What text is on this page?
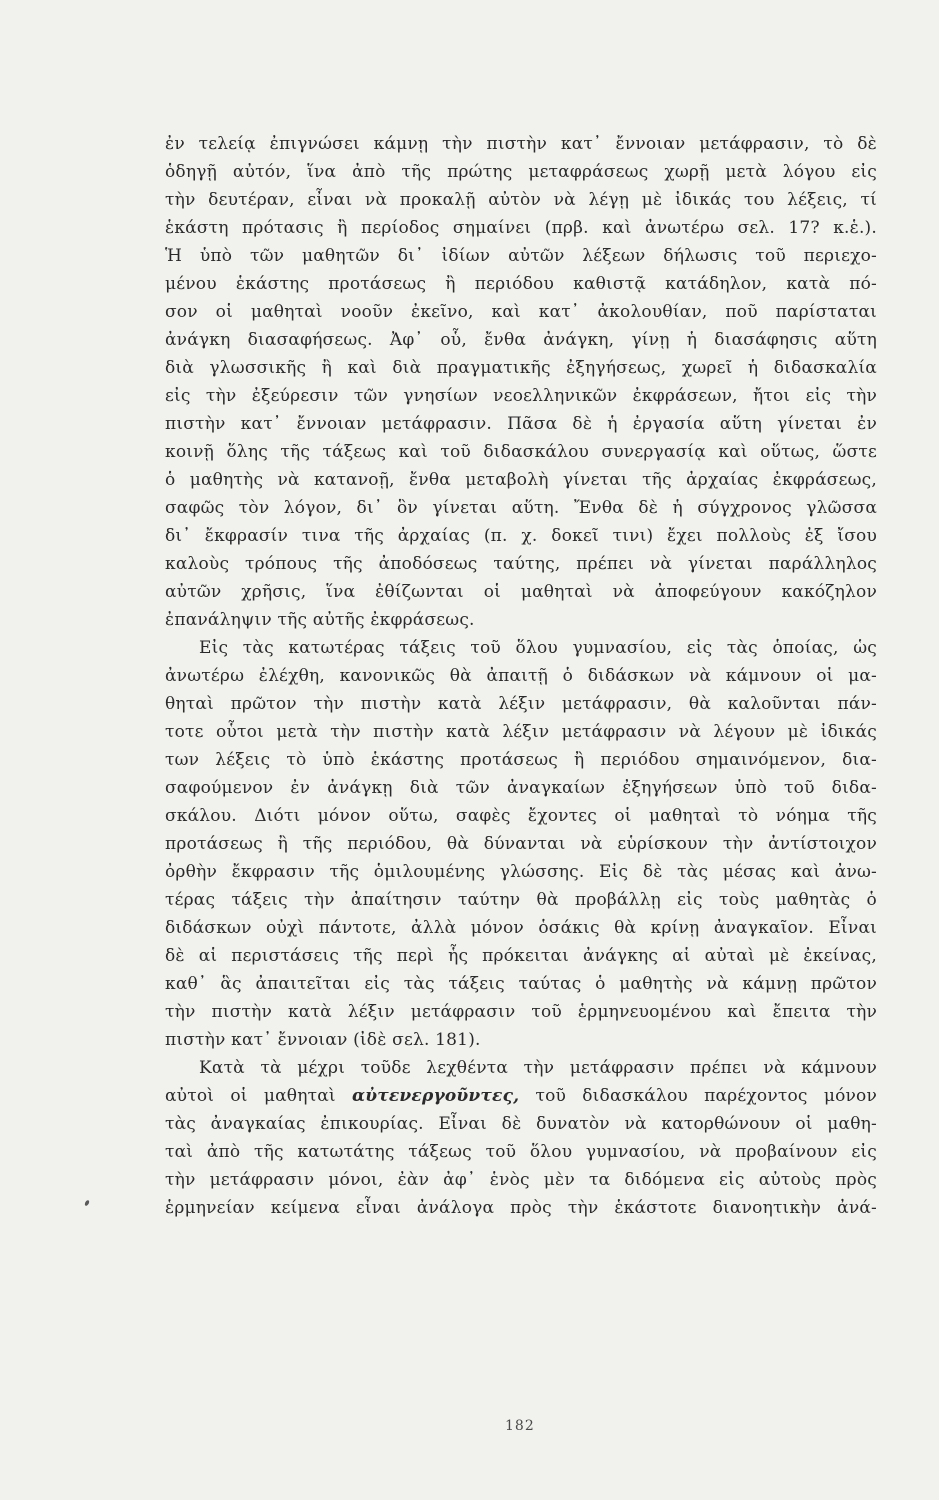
ἐν τελείᾳ ἐπιγνώσει κάμνῃ τὴν πιστὴν κατ᾽ ἔννοιαν μετάφρασιν, τὸ δὲ
ὁδηγῇ αὐτόν, ἵνα ἀπὸ τῆς πρώτης μεταφράσεως χωρῇ μετὰ λόγου εἰς
τὴν δευτέραν, εἶναι νὰ προκαλῇ αὐτὸν νὰ λέγῃ μὲ ἰδικάς του λέξεις, τί
ἑκάστη πρότασις ἢ περίοδος σημαίνει (πρβ. καὶ ἀνωτέρω σελ. 17? κ.ἑ.).
Ἡ ὑπὸ τῶν μαθητῶν δι᾽ ἰδίων αὐτῶν λέξεων δήλωσις τοῦ περιεχο-
μένου ἑκάστης προτάσεως ἢ περιόδου καθιστᾷ κατάδηλον, κατὰ πό-
σον οἱ μαθηταὶ νοοῦν ἐκεῖνο, καὶ κατ᾽ ἀκολουθίαν, ποῦ παρίσταται
ἀνάγκη διασαφήσεως. Ἀφ᾽ οὗ, ἔνθα ἀνάγκη, γίνῃ ἡ διασάφησις αὕτη
διὰ γλωσσικῆς ἢ καὶ διὰ πραγματικῆς ἐξηγήσεως, χωρεῖ ἡ διδασκαλία
εἰς τὴν ἐξεύρεσιν τῶν γνησίων νεοελληνικῶν ἐκφράσεων, ἤτοι εἰς τὴν
πιστὴν κατ᾽ ἔννοιαν μετάφρασιν. Πᾶσα δὲ ἡ ἐργασία αὕτη γίνεται ἐν
κοινῇ ὅλης τῆς τάξεως καὶ τοῦ διδασκάλου συνεργασίᾳ καὶ οὕτως, ὥστε
ὁ μαθητὴς νὰ κατανοῇ, ἔνθα μεταβολὴ γίνεται τῆς ἀρχαίας ἐκφράσεως,
σαφῶς τὸν λόγον, δι᾽ ὃν γίνεται αὕτη. Ἔνθα δὲ ἡ σύγχρονος γλῶσσα
δι᾽ ἔκφρασίν τινα τῆς ἀρχαίας (π. χ. δοκεῖ τινι) ἔχει πολλοὺς ἐξ ἴσου
καλοὺς τρόπους τῆς ἀποδόσεως ταύτης, πρέπει νὰ γίνεται παράλληλος
αὐτῶν χρῆσις, ἵνα ἐθίζωνται οἱ μαθηταὶ νὰ ἀποφεύγουν κακόζηλον
ἐπανάληψιν τῆς αὐτῆς ἐκφράσεως.
Εἰς τὰς κατωτέρας τάξεις τοῦ ὅλου γυμνασίου, εἰς τὰς ὁποίας, ὡς
ἀνωτέρω ἐλέχθη, κανονικῶς θὰ ἀπαιτῇ ὁ διδάσκων νὰ κάμνουν οἱ μα-
θηταὶ πρῶτον τὴν πιστὴν κατὰ λέξιν μετάφρασιν, θὰ καλοῦνται πάν-
τοτε οὗτοι μετὰ τὴν πιστὴν κατὰ λέξιν μετάφρασιν νὰ λέγουν μὲ ἰδικάς
των λέξεις τὸ ὑπὸ ἑκάστης προτάσεως ἢ περιόδου σημαινόμενον, δια-
σαφούμενον ἐν ἀνάγκῃ διὰ τῶν ἀναγκαίων ἐξηγήσεων ὑπὸ τοῦ διδα-
σκάλου. Διότι μόνον οὕτω, σαφὲς ἔχοντες οἱ μαθηταὶ τὸ νόημα τῆς
προτάσεως ἢ τῆς περιόδου, θὰ δύνανται νὰ εὑρίσκουν τὴν ἀντίστοιχον
ὀρθὴν ἔκφρασιν τῆς ὁμιλουμένης γλώσσης. Εἰς δὲ τὰς μέσας καὶ ἀνω-
τέρας τάξεις τὴν ἀπαίτησιν ταύτην θὰ προβάλλῃ εἰς τοὺς μαθητὰς ὁ
διδάσκων οὐχὶ πάντοτε, ἀλλὰ μόνον ὁσάκις θὰ κρίνῃ ἀναγκαῖον. Εἶναι
δὲ αἱ περιστάσεις τῆς περὶ ἧς πρόκειται ἀνάγκης αἱ αὐταὶ μὲ ἐκείνας,
καθ᾽ ἃς ἀπαιτεῖται εἰς τὰς τάξεις ταύτας ὁ μαθητὴς νὰ κάμνῃ πρῶτον
τὴν πιστὴν κατὰ λέξιν μετάφρασιν τοῦ ἑρμηνευομένου καὶ ἔπειτα τὴν
πιστὴν κατ᾽ ἔννοιαν (ἰδὲ σελ. 181).
Κατὰ τὰ μέχρι τοῦδε λεχθέντα τὴν μετάφρασιν πρέπει νὰ κάμνουν
αὐτοὶ οἱ μαθηταὶ αὐτενεργοῦντες, τοῦ διδασκάλου παρέχοντος μόνον
τὰς ἀναγκαίας ἐπικουρίας. Εἶναι δὲ δυνατὸν νὰ κατορθώνουν οἱ μαθη-
ταὶ ἀπὸ τῆς κατωτάτης τάξεως τοῦ ὅλου γυμνασίου, νὰ προβαίνουν εἰς
τὴν μετάφρασιν μόνοι, ἐὰν ἀφ᾽ ἑνὸς μὲν τα διδόμενα εἰς αὐτοὺς πρὸς
ἑρμηνείαν κείμενα εἶναι ἀνάλογα πρὸς τὴν ἑκάστοτε διανοητικὴν ἀνά-
182
